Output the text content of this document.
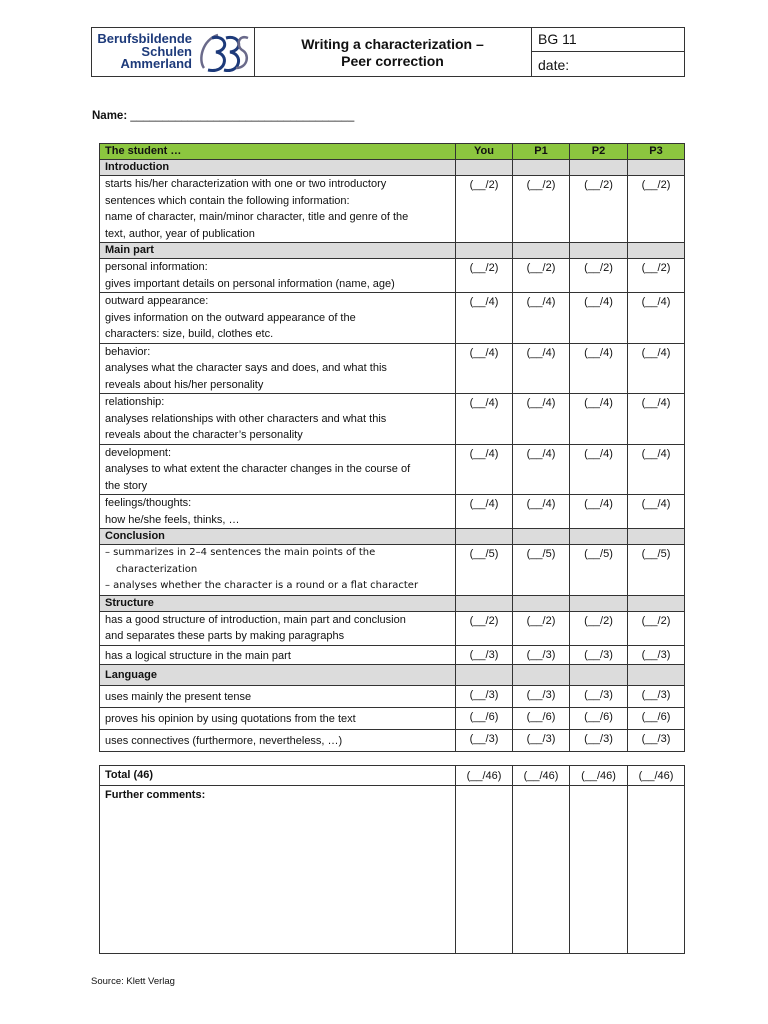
Berufsbildende
Schulen
Ammerland
Writing a characterization –
Peer correction
BG 11
date:
Name: ___________________________________
The student …	You	P1	P2	P3
Introduction				

starts his/her characterization with one or two introductory
sentences which contain the following information:
name of character, main/minor character, title and genre of the
text, author, year of publication	(__/2)	(__/2)	(__/2)	(__/2)
Main part				

personal information:
gives important details on personal information (name, age)	(__/2)	(__/2)	(__/2)	(__/2)

outward appearance:
gives information on the outward appearance of the
characters: size, build, clothes etc.	(__/4)	(__/4)	(__/4)	(__/4)

behavior:
analyses what the character says and does, and what this
reveals about his/her personality	(__/4)	(__/4)	(__/4)	(__/4)

relationship:
analyses relationships with other characters and what this
reveals about the character’s personality	(__/4)	(__/4)	(__/4)	(__/4)

development:
analyses to what extent the character changes in the course of
the story	(__/4)	(__/4)	(__/4)	(__/4)

feelings/thoughts:
how he/she feels, thinks, …	(__/4)	(__/4)	(__/4)	(__/4)
Conclusion				

– summarizes in 2–4 sentences the main points of the
characterization
– analyses whether the character is a round or a flat character	(__/5)	(__/5)	(__/5)	(__/5)
Structure				

has a good structure of introduction, main part and conclusion
and separates these parts by making paragraphs	(__/2)	(__/2)	(__/2)	(__/2)

has a logical structure in the main part	(__/3)	(__/3)	(__/3)	(__/3)
Language				

uses mainly the present tense	(__/3)	(__/3)	(__/3)	(__/3)

proves his opinion by using quotations from the text	(__/6)	(__/6)	(__/6)	(__/6)

uses connectives (furthermore, nevertheless, …)	(__/3)	(__/3)	(__/3)	(__/3)
Total (46)	(__/46)	(__/46)	(__/46)	(__/46)
Further comments:				
Source: Klett Verlag
